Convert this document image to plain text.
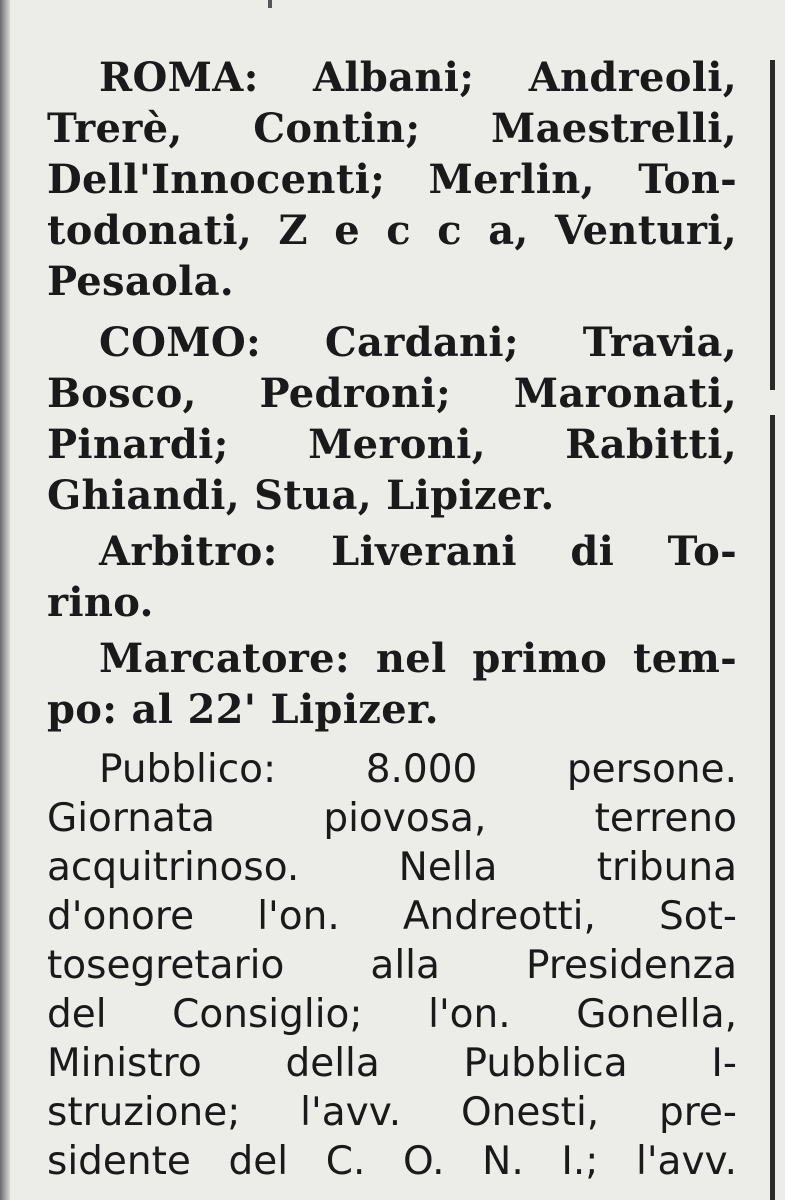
ROMA: Albani; Andreoli,
Trerè, Contin; Maestrelli,
Dell'Innocenti; Merlin, Ton-
todonati, Z e c c a, Venturi,
Pesaola.

COMO: Cardani; Travia,
Bosco, Pedroni; Maronati,
Pinardi; Meroni, Rabitti,
Ghiandi, Stua, Lipizer.

Arbitro: Liverani di To-
rino.

Marcatore: nel primo tem-
po: al 22' Lipizer.

Pubblico: 8.000 persone.
Giornata piovosa, terreno
acquitrinoso. Nella tribuna
d'onore l'on. Andreotti, Sot-
tosegretario alla Presidenza
del Consiglio; l'on. Gonella,
Ministro della Pubblica I-
struzione; l'avv. Onesti, pre-
sidente del C. O. N. I.; l'avv.
